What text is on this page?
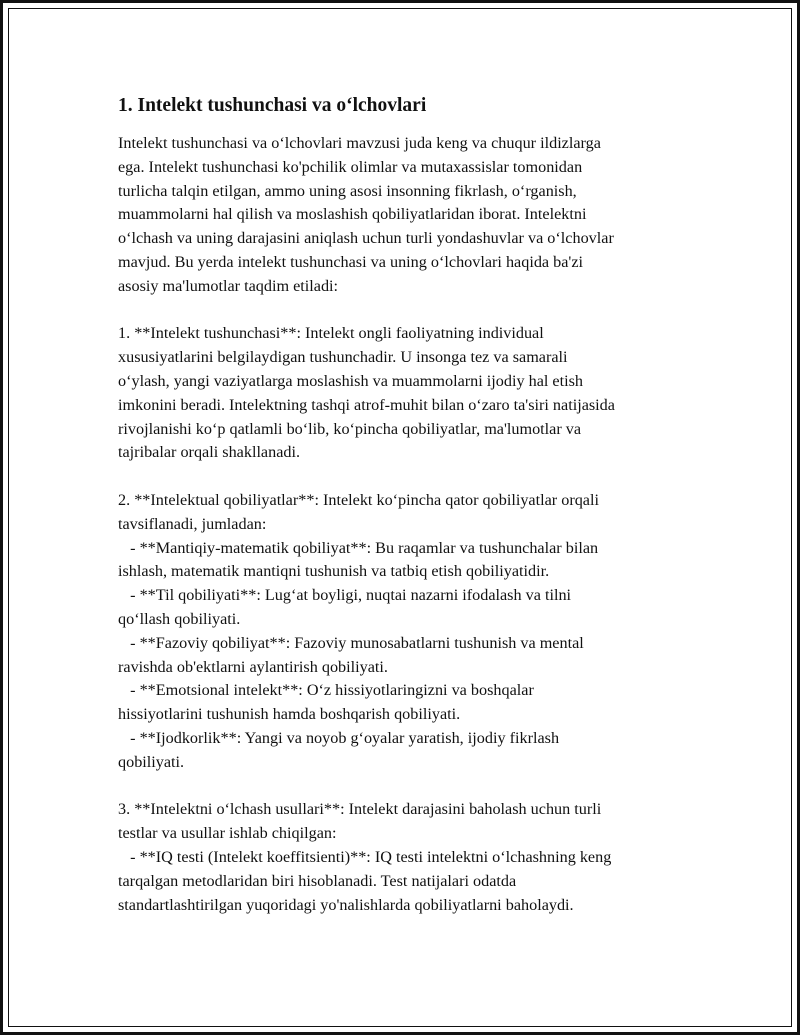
1. Intelekt tushunchasi va o‘lchovlari
Intelekt tushunchasi va o‘lchovlari mavzusi juda keng va chuqur ildizlarga
ega. Intelekt tushunchasi ko'pchilik olimlar va mutaxassislar tomonidan
turlicha talqin etilgan, ammo uning asosi insonning fikrlash, o‘rganish,
muammolarni hal qilish va moslashish qobiliyatlaridan iborat. Intelektni
o‘lchash va uning darajasini aniqlash uchun turli yondashuvlar va o‘lchovlar
mavjud. Bu yerda intelekt tushunchasi va uning o‘lchovlari haqida ba'zi
asosiy ma'lumotlar taqdim etiladi:
1. **Intelekt tushunchasi**: Intelekt ongli faoliyatning individual
xususiyatlarini belgilaydigan tushunchadir. U insonga tez va samarali
o‘ylash, yangi vaziyatlarga moslashish va muammolarni ijodiy hal etish
imkonini beradi. Intelektning tashqi atrof-muhit bilan o‘zaro ta'siri natijasida
rivojlanishi ko‘p qatlamli bo‘lib, ko‘pincha qobiliyatlar, ma'lumotlar va
tajribalar orqali shakllanadi.
2. **Intelektual qobiliyatlar**: Intelekt ko‘pincha qator qobiliyatlar orqali
tavsiflanadi, jumladan:
- **Mantiqiy-matematik qobiliyat**: Bu raqamlar va tushunchalar bilan
ishlash, matematik mantiqni tushunish va tatbiq etish qobiliyatidir.
- **Til qobiliyati**: Lug‘at boyligi, nuqtai nazarni ifodalash va tilni
qo‘llash qobiliyati.
- **Fazoviy qobiliyat**: Fazoviy munosabatlarni tushunish va mental
ravishda ob'ektlarni aylantirish qobiliyati.
- **Emotsional intelekt**: O‘z hissiyotlaringizni va boshqalar
hissiyotlarini tushunish hamda boshqarish qobiliyati.
- **Ijodkorlik**: Yangi va noyob g‘oyalar yaratish, ijodiy fikrlash
qobiliyati.
3. **Intelektni o‘lchash usullari**: Intelekt darajasini baholash uchun turli
testlar va usullar ishlab chiqilgan:
- **IQ testi (Intelekt koeffitsienti)**: IQ testi intelektni o‘lchashning keng
tarqalgan metodlaridan biri hisoblanadi. Test natijalari odatda
standartlashtirilgan yuqoridagi yo'nalishlarda qobiliyatlarni baholaydi.
